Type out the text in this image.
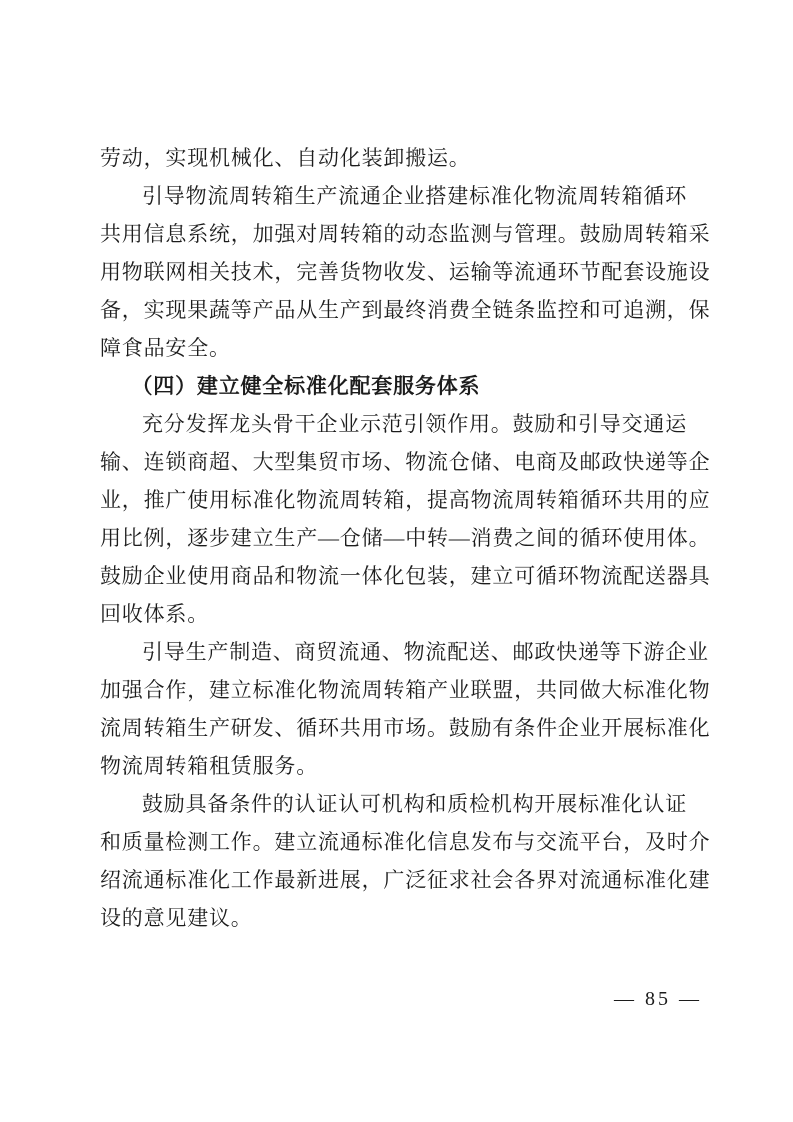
劳动，实现机械化、自动化装卸搬运。
引导物流周转箱生产流通企业搭建标准化物流周转箱循环
共用信息系统，加强对周转箱的动态监测与管理。鼓励周转箱采
用物联网相关技术，完善货物收发、运输等流通环节配套设施设
备，实现果蔬等产品从生产到最终消费全链条监控和可追溯，保
障食品安全。
（四）建立健全标准化配套服务体系
充分发挥龙头骨干企业示范引领作用。鼓励和引导交通运
输、连锁商超、大型集贸市场、物流仓储、电商及邮政快递等企
业，推广使用标准化物流周转箱，提高物流周转箱循环共用的应
用比例，逐步建立生产—仓储—中转—消费之间的循环使用体。
鼓励企业使用商品和物流一体化包装，建立可循环物流配送器具
回收体系。
引导生产制造、商贸流通、物流配送、邮政快递等下游企业
加强合作，建立标准化物流周转箱产业联盟，共同做大标准化物
流周转箱生产研发、循环共用市场。鼓励有条件企业开展标准化
物流周转箱租赁服务。
鼓励具备条件的认证认可机构和质检机构开展标准化认证
和质量检测工作。建立流通标准化信息发布与交流平台，及时介
绍流通标准化工作最新进展，广泛征求社会各界对流通标准化建
设的意见建议。
— 85 —
